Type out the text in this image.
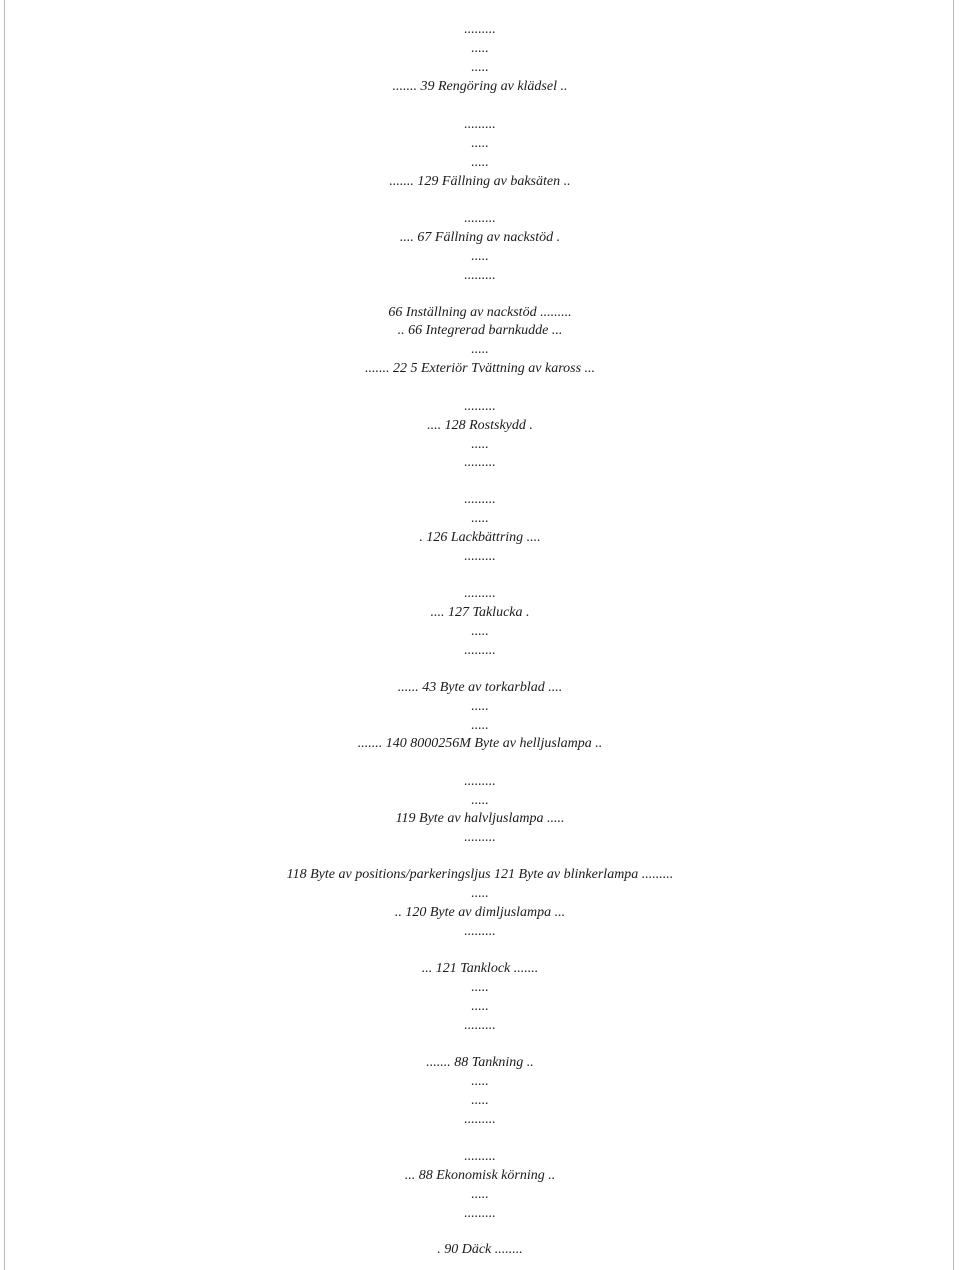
.........
.....
.....
....... 39 Rengöring av klädsel ..
.........
.....
.....
....... 129 Fällning av baksäten ..
.........
.... 67 Fällning av nackstöd .
.....
.........
66 Inställning av nackstöd .........
.. 66 Integrerad barnkudde ...
.....
....... 22 5 Exteriör Tvättning av kaross ...
.........
.... 128 Rostskydd .
.....
.........
.........
.....
. 126 Lackbättring ....
.........
.........
.... 127 Taklucka .
.....
.........
...... 43 Byte av torkarblad ....
.....
.....
....... 140 8000256M Byte av helljuslampa ..
.........
.....
119 Byte av halvljuslampa .....
.........
118 Byte av positions/parkeringsljus 121 Byte av blinkerlampa .........
.....
.. 120 Byte av dimljuslampa ...
.........
... 121 Tanklock .......
.....
.....
.........
....... 88 Tankning ..
.....
.....
.........
.........
... 88 Ekonomisk körning ..
.....
.........
. 90 Däck ........
